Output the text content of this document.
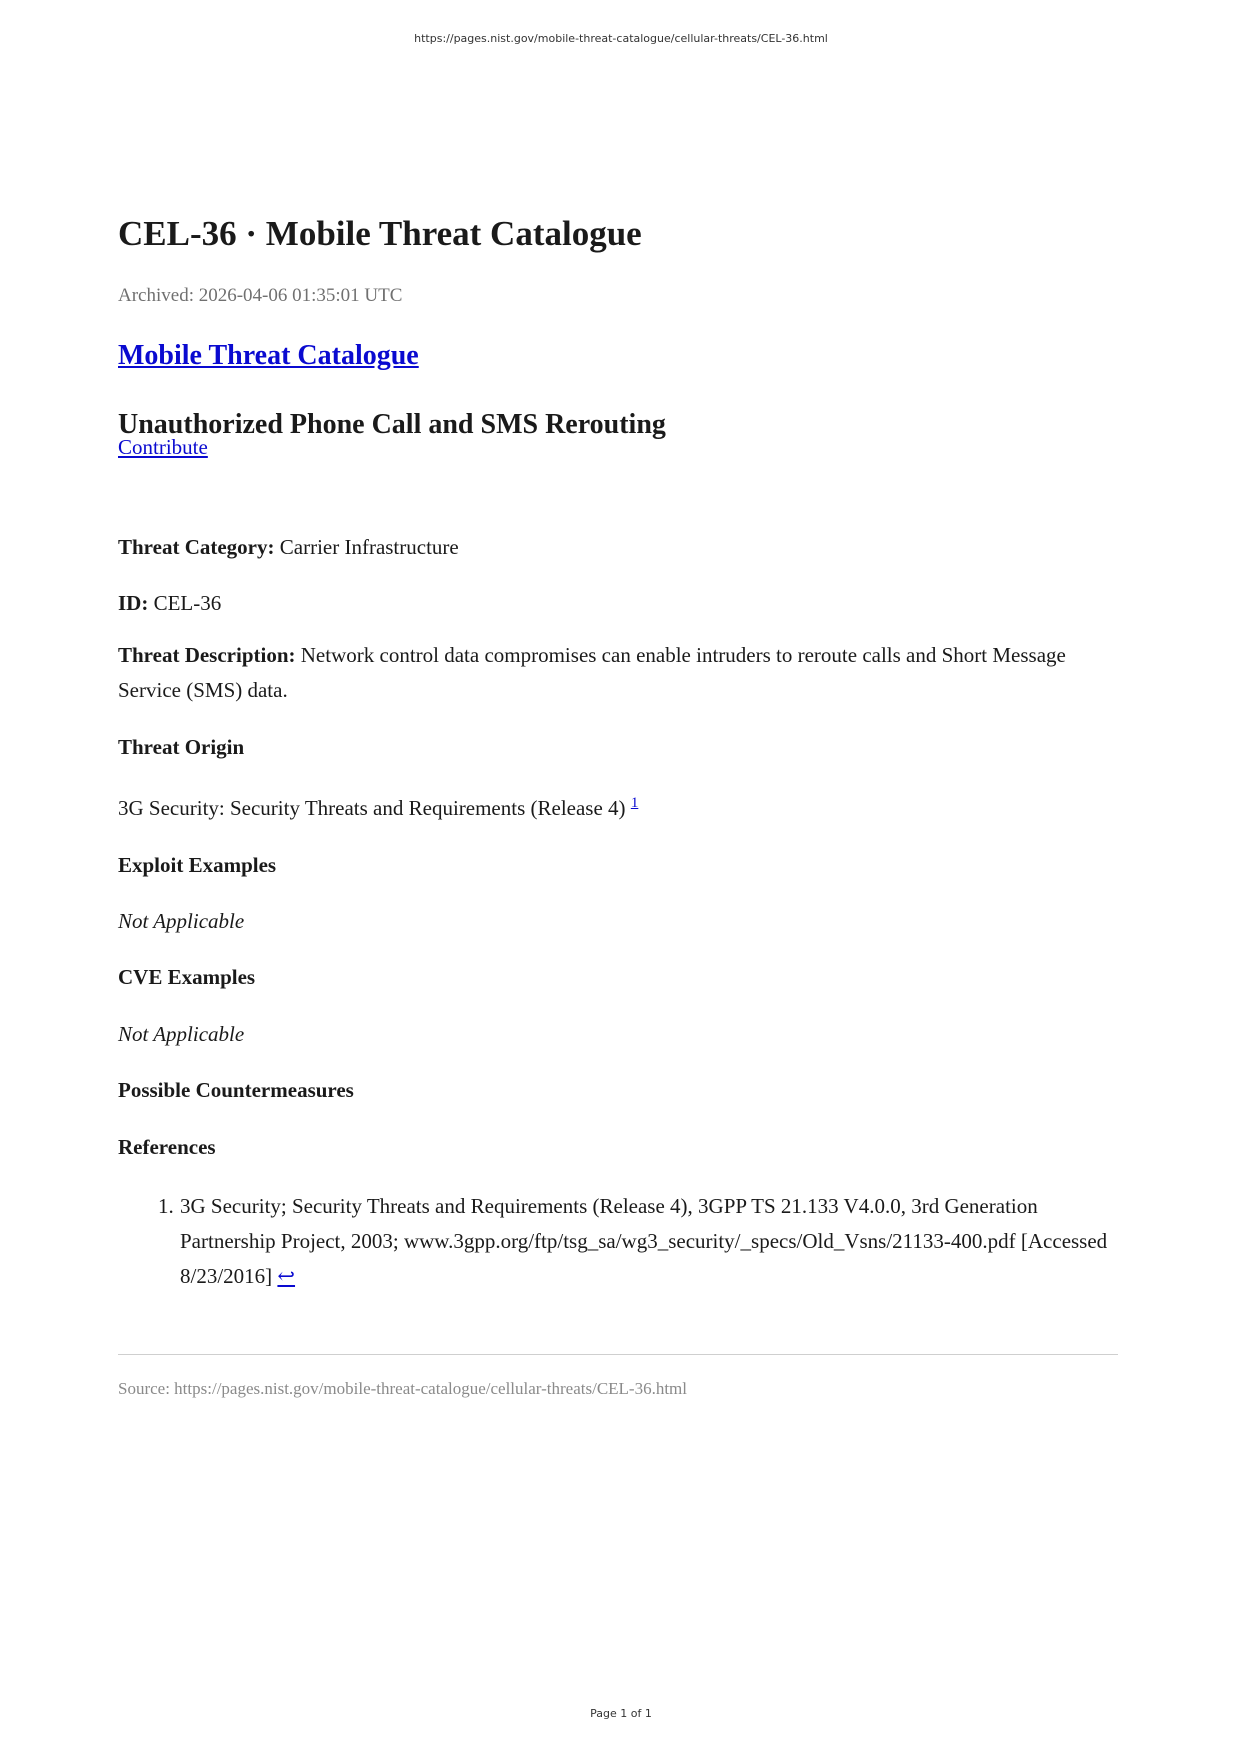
https://pages.nist.gov/mobile-threat-catalogue/cellular-threats/CEL-36.html
CEL-36 · Mobile Threat Catalogue

Archived: 2026-04-06 01:35:01 UTC

Mobile Threat Catalogue

Unauthorized Phone Call and SMS Rerouting

Contribute

Threat Category: Carrier Infrastructure

ID: CEL-36

Threat Description: Network control data compromises can enable intruders to reroute calls and Short Message Service (SMS) data.

Threat Origin

3G Security: Security Threats and Requirements (Release 4) $^1$

Exploit Examples

Not Applicable

CVE Examples

Not Applicable

Possible Countermeasures

References

1. 3G Security; Security Threats and Requirements (Release 4), 3GPP TS 21.133 V4.0.0, 3rd Generation Partnership Project, 2003; www.3gpp.org/ftp/tsg_sa/wg3_security/_specs/Old_Vsns/21133-400.pdf [Accessed 8/23/2016] ↩

Source: https://pages.nist.gov/mobile-threat-catalogue/cellular-threats/CEL-36.html

Page 1 of 1
